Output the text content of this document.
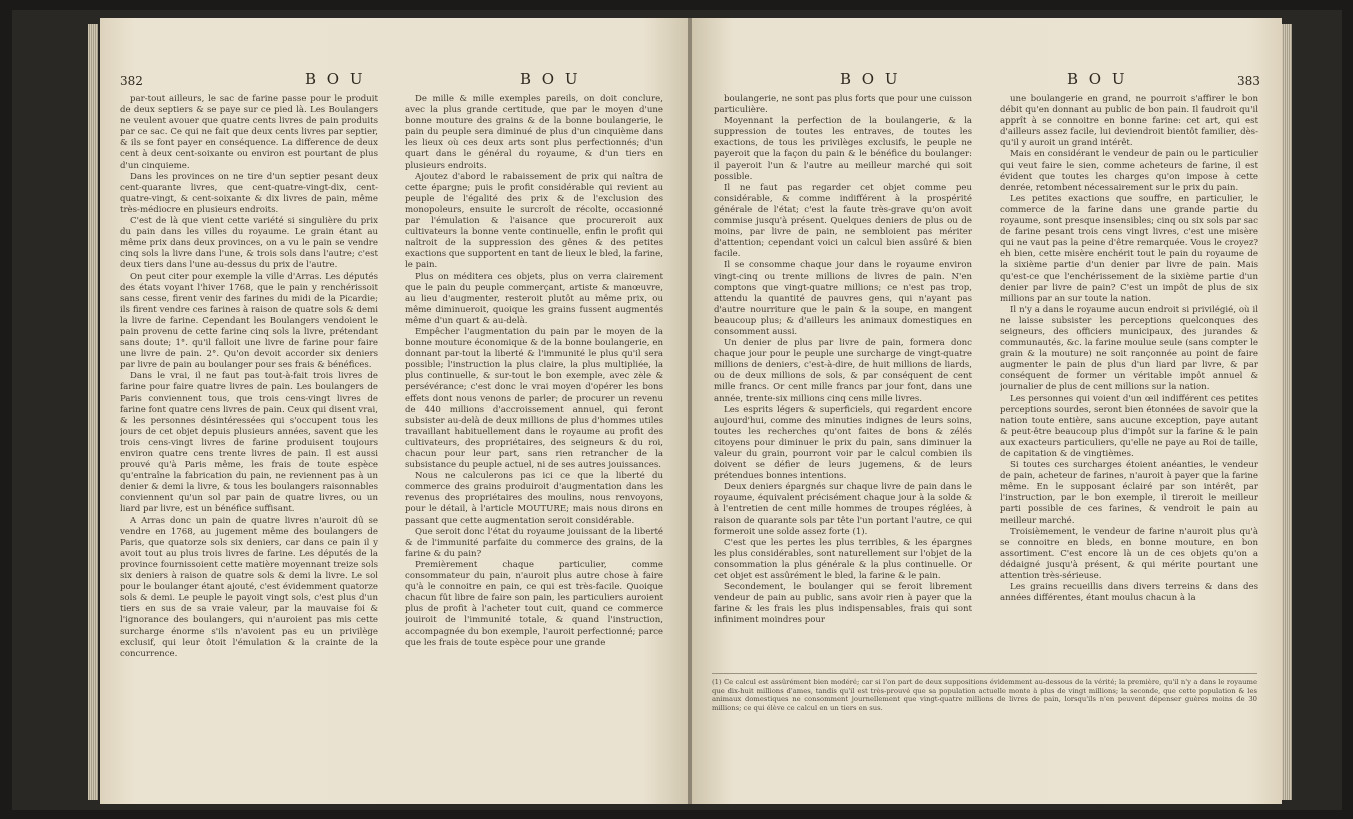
382	B O U	B O U

par-tout ailleurs, le sac de farine passe pour le produit de deux septiers & se paye sur ce pied là. Les Boulangers ne veulent avouer que quatre cents livres de pain produits par ce sac. Ce qui ne fait que deux cents livres par septier, & ils se font payer en conséquence. La difference de deux cent à deux cent-soixante ou environ est pourtant de plus d'un cinquieme.

Dans les provinces on ne tire d'un septier pesant deux cent-quarante livres, que cent-quatre-vingt-dix, cent-quatre-vingt, & cent-soixante & dix livres de pain, même très-médiocre en plusieurs endroits.

C'est de là que vient cette variété si singulière du prix du pain dans les villes du royaume. Le grain étant au même prix dans deux provinces, on a vu le pain se vendre cinq sols la livre dans l'une, & trois sols dans l'autre; c'est deux tiers dans l'une au-dessus du prix de l'autre.

On peut citer pour exemple la ville d'Arras. Les députés des états voyant l'hiver 1768, que le pain y renchérissoit sans cesse, firent venir des farines du midi de la Picardie; ils firent vendre ces farines à raison de quatre sols & demi la livre de farine. Cependant les Boulangers vendoient le pain provenu de cette farine cinq sols la livre, prétendant sans doute; 1°. qu'il falloit une livre de farine pour faire une livre de pain. 2°. Qu'on devoit accorder six deniers par livre de pain au boulanger pour ses frais & bénéfices.

Dans le vrai, il ne faut pas tout-à-fait trois livres de farine pour faire quatre livres de pain. Les boulangers de Paris conviennent tous, que trois cens-vingt livres de farine font quatre cens livres de pain. Ceux qui disent vrai, & les personnes désintéressées qui s'occupent tous les jours de cet objet depuis plusieurs années, savent que les trois cens-vingt livres de farine produisent toujours environ quatre cens trente livres de pain. Il est aussi prouvé qu'à Paris même, les frais de toute espèce qu'entraîne la fabrication du pain, ne reviennent pas à un denier & demi la livre, & tous les boulangers raisonnables conviennent qu'un sol par pain de quatre livres, ou un liard par livre, est un bénéfice suffisant.

A Arras donc un pain de quatre livres n'auroit dû se vendre en 1768, au jugement même des boulangers de Paris, que quatorze sols six deniers, car dans ce pain il y avoit tout au plus trois livres de farine. Les députés de la province fournissoient cette matière moyennant treize sols six deniers à raison de quatre sols & demi la livre. Le sol pour le boulanger étant ajouté, c'est évidemment quatorze sols & demi. Le peuple le payoit vingt sols, c'est plus d'un tiers en sus de sa vraie valeur, par la mauvaise foi & l'ignorance des boulangers, qui n'auroient pas mis cette surcharge énorme s'ils n'avoient pas eu un privilège exclusif, qui leur ôtoit l'émulation & la crainte de la concurrence.

De mille & mille exemples pareils, on doit conclure, avec la plus grande certitude, que par le moyen d'une bonne mouture des grains & de la bonne boulangerie, le pain du peuple sera diminué de plus d'un cinquième dans les lieux où ces deux arts sont plus perfectionnés; d'un quart dans le général du royaume, & d'un tiers en plusieurs endroits.

Ajoutez d'abord le rabaissement de prix qui naîtra de cette épargne; puis le profit considérable qui revient au peuple de l'égalité des prix & de l'exclusion des monopoleurs, ensuite le surcroît de récolte, occasionné par l'émulation & l'aisance que procureroit aux cultivateurs la bonne vente continuelle, enfin le profit qui naîtroit de la suppression des gênes & des petites exactions que supportent en tant de lieux le bled, la farine, le pain.

Plus on méditera ces objets, plus on verra clairement que le pain du peuple commerçant, artiste & manœuvre, au lieu d'augmenter, resteroit plutôt au même prix, ou même diminueroit, quoique les grains fussent augmentés même d'un quart & au-delà.

Empêcher l'augmentation du pain par le moyen de la bonne mouture économique & de la bonne boulangerie, en donnant par-tout la liberté & l'immunité le plus qu'il sera possible; l'instruction la plus claire, la plus multipliée, la plus continuelle, & sur-tout le bon exemple, avec zèle & persévérance; c'est donc le vrai moyen d'opérer les bons effets dont nous venons de parler; de procurer un revenu de 440 millions d'accroissement annuel, qui feront subsister au-delà de deux millions de plus d'hommes utiles travaillant habituellement dans le royaume au profit des cultivateurs, des propriétaires, des seigneurs & du roi, chacun pour leur part, sans rien retrancher de la subsistance du peuple actuel, ni de ses autres jouissances.

Nous ne calculerons pas ici ce que la liberté du commerce des grains produiroit d'augmentation dans les revenus des propriétaires des moulins, nous renvoyons, pour le détail, à l'article MOUTURE; mais nous dirons en passant que cette augmentation seroit considérable.

Que seroit donc l'état du royaume jouissant de la liberté & de l'immunité parfaite du commerce des grains, de la farine & du pain?

Premièrement chaque particulier, comme consommateur du pain, n'auroit plus autre chose à faire qu'à le connoitre en pain, ce qui est très-facile. Quoique chacun fût libre de faire son pain, les particuliers auroient plus de profit à l'acheter tout cuit, quand ce commerce jouiroit de l'immunité totale, & quand l'instruction, accompagnée du bon exemple, l'auroit perfectionné; parce que les frais de toute espèce pour une grande

B O U	B O U	383

boulangerie, ne sont pas plus forts que pour une cuisson particulière.

Moyennant la perfection de la boulangerie, & la suppression de toutes les entraves, de toutes les exactions, de tous les privilèges exclusifs, le peuple ne payeroit que la façon du pain & le bénéfice du boulanger: il payeroit l'un & l'autre au meilleur marché qui soit possible.

Il ne faut pas regarder cet objet comme peu considérable, & comme indifférent à la prospérité générale de l'état; c'est la faute très-grave qu'on avoit commise jusqu'à présent. Quelques deniers de plus ou de moins, par livre de pain, ne sembloient pas mériter d'attention; cependant voici un calcul bien assûré & bien facile.

Il se consomme chaque jour dans le royaume environ vingt-cinq ou trente millions de livres de pain. N'en comptons que vingt-quatre millions; ce n'est pas trop, attendu la quantité de pauvres gens, qui n'ayant pas d'autre nourriture que le pain & la soupe, en mangent beaucoup plus; & d'ailleurs les animaux domestiques en consomment aussi.

Un denier de plus par livre de pain, formera donc chaque jour pour le peuple une surcharge de vingt-quatre millions de deniers, c'est-à-dire, de huit millions de liards, ou de deux millions de sols, & par conséquent de cent mille francs. Or cent mille francs par jour font, dans une année, trente-six millions cinq cens mille livres.

Les esprits légers & superficiels, qui regardent encore aujourd'hui, comme des minuties indignes de leurs soins, toutes les recherches qu'ont faites de bons & zélés citoyens pour diminuer le prix du pain, sans diminuer la valeur du grain, pourront voir par le calcul combien ils doivent se défier de leurs jugemens, & de leurs prétendues bonnes intentions.

Deux deniers épargnés sur chaque livre de pain dans le royaume, équivalent précisément chaque jour à la solde & à l'entretien de cent mille hommes de troupes réglées, à raison de quarante sols par tête l'un portant l'autre, ce qui formeroit une solde assez forte (1).

C'est que les pertes les plus terribles, & les épargnes les plus considérables, sont naturellement sur l'objet de la consommation la plus générale & la plus continuelle. Or cet objet est assûrément le bled, la farine & le pain.

Secondement, le boulanger qui se feroit librement vendeur de pain au public, sans avoir rien à payer que la farine & les frais les plus indispensables, frais qui sont infiniment moindres pour

une boulangerie en grand, ne pourroit s'affirer le bon débit qu'en donnant au public de bon pain. Il faudroit qu'il apprît à se connoitre en bonne farine: cet art, qui est d'ailleurs assez facile, lui deviendroit bientôt familier, dès-qu'il y auroit un grand intérêt.

Mais en considérant le vendeur de pain ou le particulier qui veut faire le sien, comme acheteurs de farine, il est évident que toutes les charges qu'on impose à cette denrée, retombent nécessairement sur le prix du pain.

Les petites exactions que souffre, en particulier, le commerce de la farine dans une grande partie du royaume, sont presque insensibles; cinq ou six sols par sac de farine pesant trois cens vingt livres, c'est une misère qui ne vaut pas la peine d'être remarquée. Vous le croyez? eh bien, cette misère enchérit tout le pain du royaume de la sixième partie d'un denier par livre de pain. Mais qu'est-ce que l'enchérissement de la sixième partie d'un denier par livre de pain? C'est un impôt de plus de six millions par an sur toute la nation.

Il n'y a dans le royaume aucun endroit si privilégié, où il ne laisse subsister les perceptions quelconques des seigneurs, des officiers municipaux, des jurandes & communautés, &c. la farine moulue seule (sans compter le grain & la mouture) ne soit rançonnée au point de faire augmenter le pain de plus d'un liard par livre, & par conséquent de former un véritable impôt annuel & journalier de plus de cent millions sur la nation.

Les personnes qui voient d'un œil indifférent ces petites perceptions sourdes, seront bien étonnées de savoir que la nation toute entière, sans aucune exception, paye autant & peut-être beaucoup plus d'impôt sur la farine & le pain aux exacteurs particuliers, qu'elle ne paye au Roi de taille, de capitation & de vingtièmes.

Si toutes ces surcharges étoient anéanties, le vendeur de pain, acheteur de farines, n'auroit à payer que la farine même. En le supposant éclairé par son intérêt, par l'instruction, par le bon exemple, il tireroit le meilleur parti possible de ces farines, & vendroit le pain au meilleur marché.

Troisièmement, le vendeur de farine n'auroit plus qu'à se connoitre en bleds, en bonne mouture, en bon assortiment. C'est encore là un de ces objets qu'on a dédaigné jusqu'à présent, & qui mérite pourtant une attention très-sérieuse.

Les grains recueillis dans divers terreins & dans des années différentes, étant moulus chacun à la

(1) Ce calcul est assûrément bien modéré; car si l'on part de deux suppositions évidemment au-dessous de la vérité; la première, qu'il n'y a dans le royaume que dix-huit millions d'ames, tandis qu'il est très-prouvé que sa population actuelle monte à plus de vingt millions; la seconde, que cette population & les animaux domestiques ne consomment journellement que vingt-quatre millions de livres de pain, lorsqu'ils n'en peuvent dépenser guères moins de 30 millions; ce qui élève ce calcul en un tiers en sus.
